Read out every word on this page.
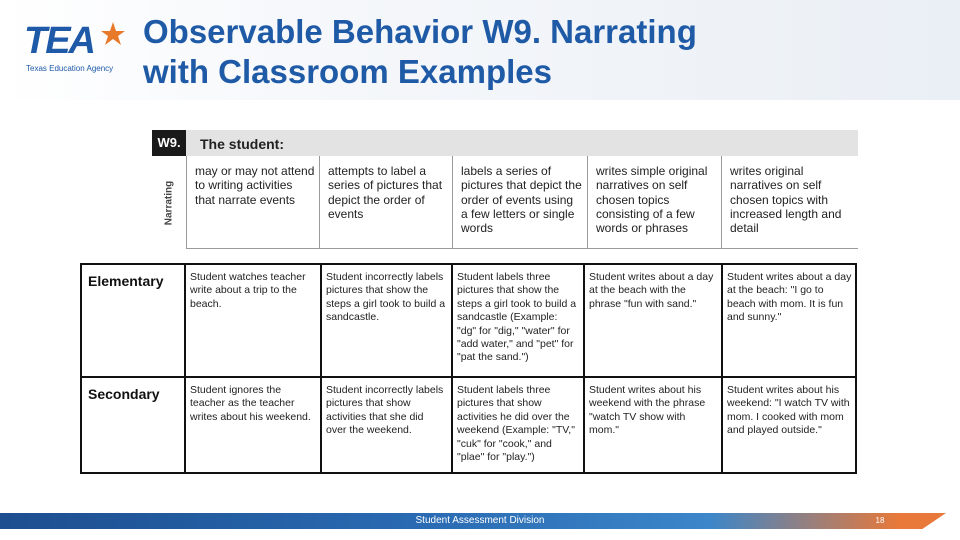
TEA
Texas Education Agency
Observable Behavior W9. Narrating
with Classroom Examples
W9.	The student:
Narrating
may or may not attend to writing activities that narrate events
attempts to label a series of pictures that depict the order of events
labels a series of pictures that depict the order of events using a few letters or single words
writes simple original narratives on self chosen topics consisting of a few words or phrases
writes original narratives on self chosen topics with increased length and detail
Elementary	Student watches teacher write about a trip to the beach.
Student incorrectly labels pictures that show the steps a girl took to build a sandcastle.
Student labels three pictures that show the steps a girl took to build a sandcastle (Example: "dg" for "dig," "water" for "add water," and "pet" for "pat the sand.")
Student writes about a day at the beach with the phrase "fun with sand."
Student writes about a day at the beach: "I go to beach with mom. It is fun and sunny."
Secondary	Student ignores the teacher as the teacher writes about his weekend.
Student incorrectly labels pictures that show activities that she did over the weekend.
Student labels three pictures that show activities he did over the weekend (Example: "TV," "cuk" for "cook," and "plae" for "play.")
Student writes about his weekend with the phrase "watch TV show with mom."
Student writes about his weekend: "I watch TV with mom. I cooked with mom and played outside."
Student Assessment Division	18
